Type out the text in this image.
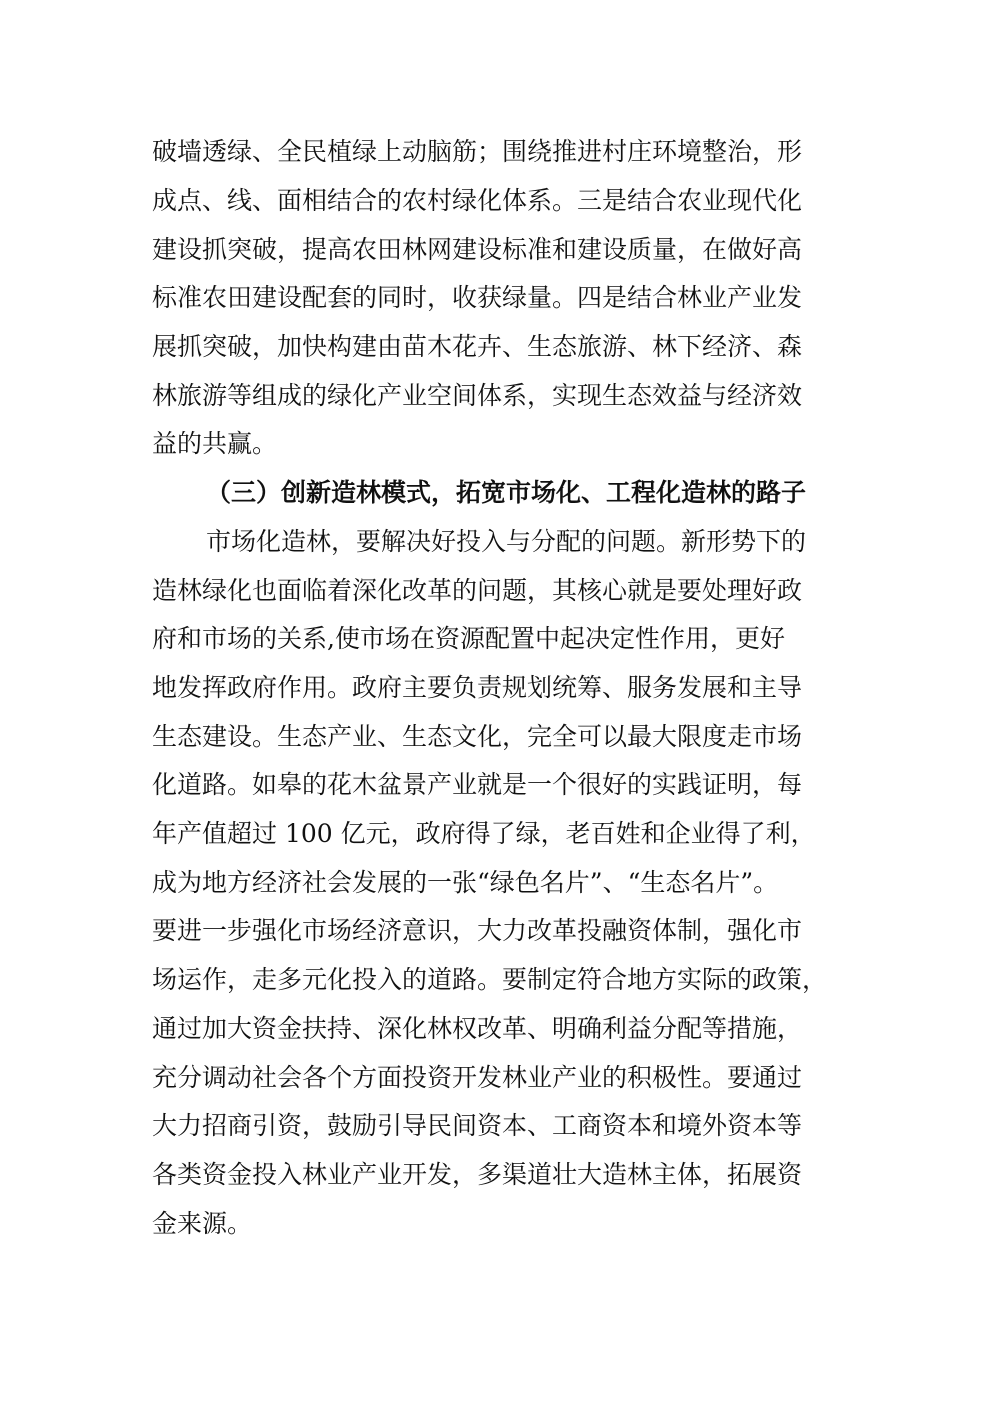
破墙透绿、全民植绿上动脑筋；围绕推进村庄环境整治，形
成点、线、面相结合的农村绿化体系。三是结合农业现代化
建设抓突破，提高农田林网建设标准和建设质量，在做好高
标准农田建设配套的同时，收获绿量。四是结合林业产业发
展抓突破，加快构建由苗木花卉、生态旅游、林下经济、森
林旅游等组成的绿化产业空间体系，实现生态效益与经济效
益的共赢。
（三）创新造林模式，拓宽市场化、工程化造林的路子
市场化造林，要解决好投入与分配的问题。新形势下的
造林绿化也面临着深化改革的问题，其核心就是要处理好政
府和市场的关系,使市场在资源配置中起决定性作用，更好
地发挥政府作用。政府主要负责规划统筹、服务发展和主导
生态建设。生态产业、生态文化，完全可以最大限度走市场
化道路。如皋的花木盆景产业就是一个很好的实践证明，每
年产值超过 100 亿元，政府得了绿，老百姓和企业得了利，
成为地方经济社会发展的一张“绿色名片”、“生态名片”。
要进一步强化市场经济意识，大力改革投融资体制，强化市
场运作，走多元化投入的道路。要制定符合地方实际的政策，
通过加大资金扶持、深化林权改革、明确利益分配等措施，
充分调动社会各个方面投资开发林业产业的积极性。要通过
大力招商引资，鼓励引导民间资本、工商资本和境外资本等
各类资金投入林业产业开发，多渠道壮大造林主体，拓展资
金来源。
